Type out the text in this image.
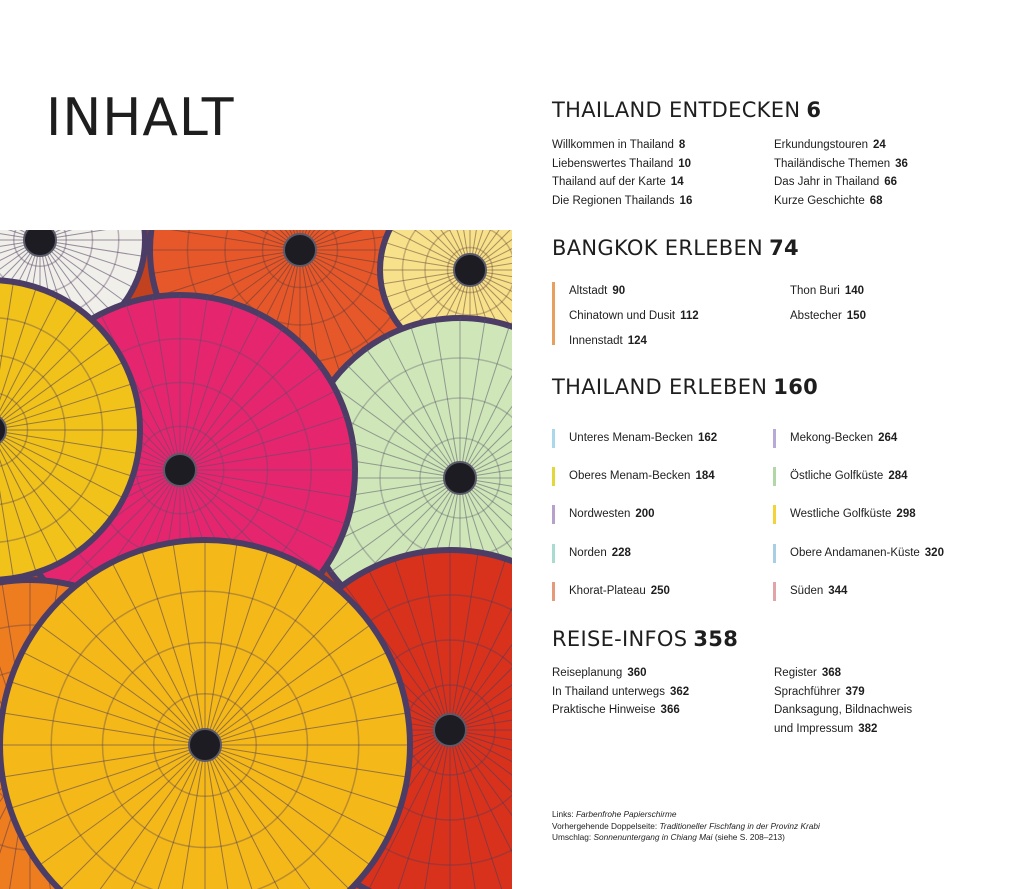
INHALT	THAILAND ENTDECKEN 6
Willkommen in Thailand 8
Liebenswertes Thailand 10
Thailand auf der Karte 14
Die Regionen Thailands 16
Erkundungstouren 24
Thailändische Themen 36
Das Jahr in Thailand 66
Kurze Geschichte 68
BANGKOK ERLEBEN 74
Altstadt 90
Chinatown und Dusit 112
Innenstadt 124
Thon Buri 140
Abstecher 150
THAILAND ERLEBEN 160
Unteres Menam-Becken 162
Oberes Menam-Becken 184
Nordwesten 200
Norden 228
Khorat-Plateau 250
Mekong-Becken 264
Östliche Golfküste 284
Westliche Golfküste 298
Obere Andamanen-Küste 320
Süden 344
REISE-INFOS 358
Reiseplanung 360
In Thailand unterwegs 362
Praktische Hinweise 366
Register 368
Sprachführer 379
Danksagung, Bildnachweis
und Impressum 382
Links: Farbenfrohe Papierschirme
Vorhergehende Doppelseite: Traditioneller Fischfang in der Provinz Krabi
Umschlag: Sonnenuntergang in Chiang Mai (siehe S. 208–213)
